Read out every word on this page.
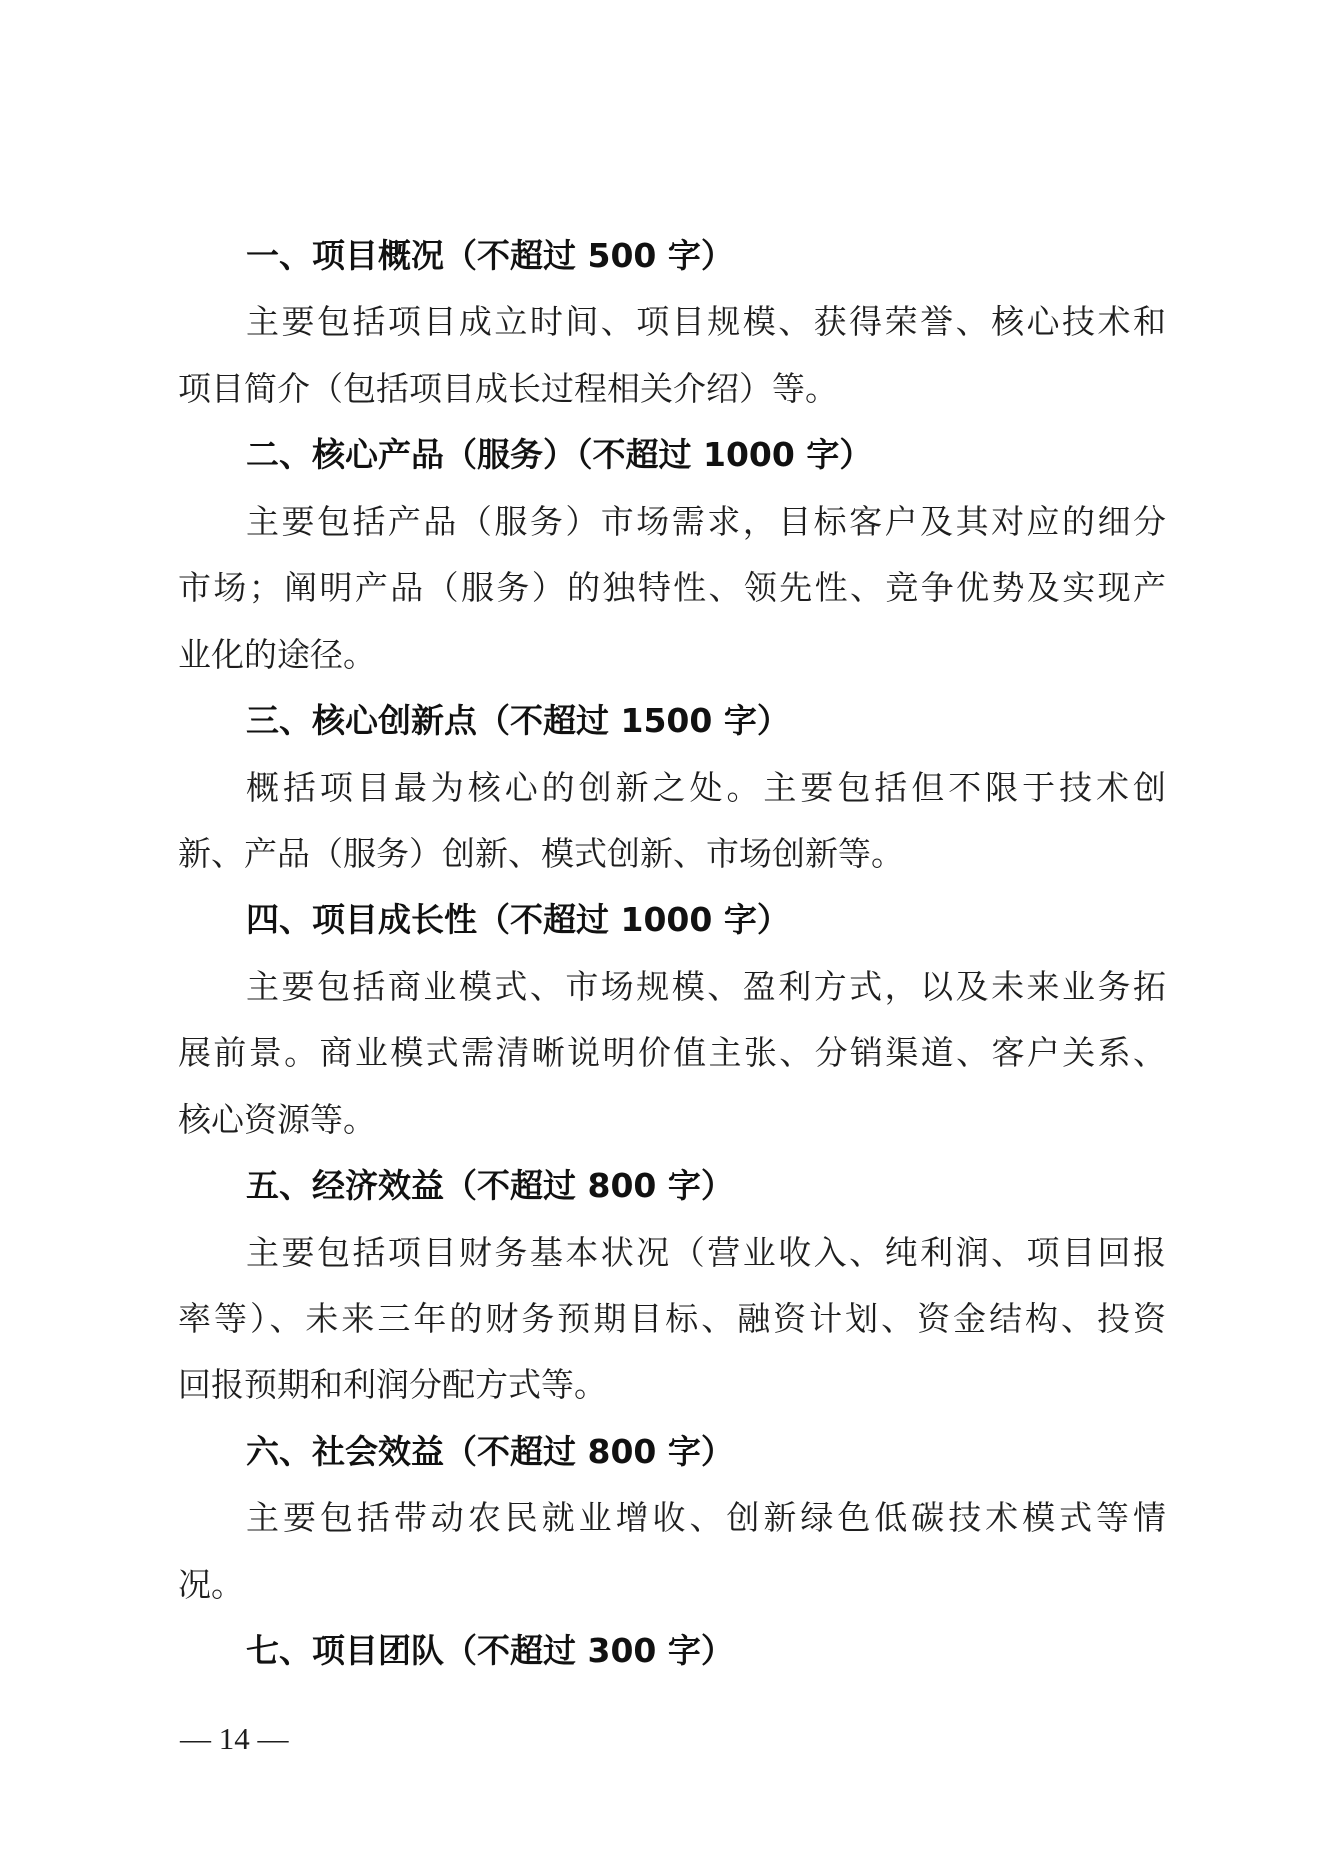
一、项目概况（不超过 500 字）
主要包括项目成立时间、项目规模、获得荣誉、核心技术和
项目简介（包括项目成长过程相关介绍）等。
二、核心产品（服务）（不超过 1000 字）
主要包括产品（服务）市场需求，目标客户及其对应的细分
市场；阐明产品（服务）的独特性、领先性、竞争优势及实现产
业化的途径。
三、核心创新点（不超过 1500 字）
概括项目最为核心的创新之处。主要包括但不限于技术创
新、产品（服务）创新、模式创新、市场创新等。
四、项目成长性（不超过 1000 字）
主要包括商业模式、市场规模、盈利方式，以及未来业务拓
展前景。商业模式需清晰说明价值主张、分销渠道、客户关系、
核心资源等。
五、经济效益（不超过 800 字）
主要包括项目财务基本状况（营业收入、纯利润、项目回报
率等）、未来三年的财务预期目标、融资计划、资金结构、投资
回报预期和利润分配方式等。
六、社会效益（不超过 800 字）
主要包括带动农民就业增收、创新绿色低碳技术模式等情
况。
七、项目团队（不超过 300 字）
— 14 —
